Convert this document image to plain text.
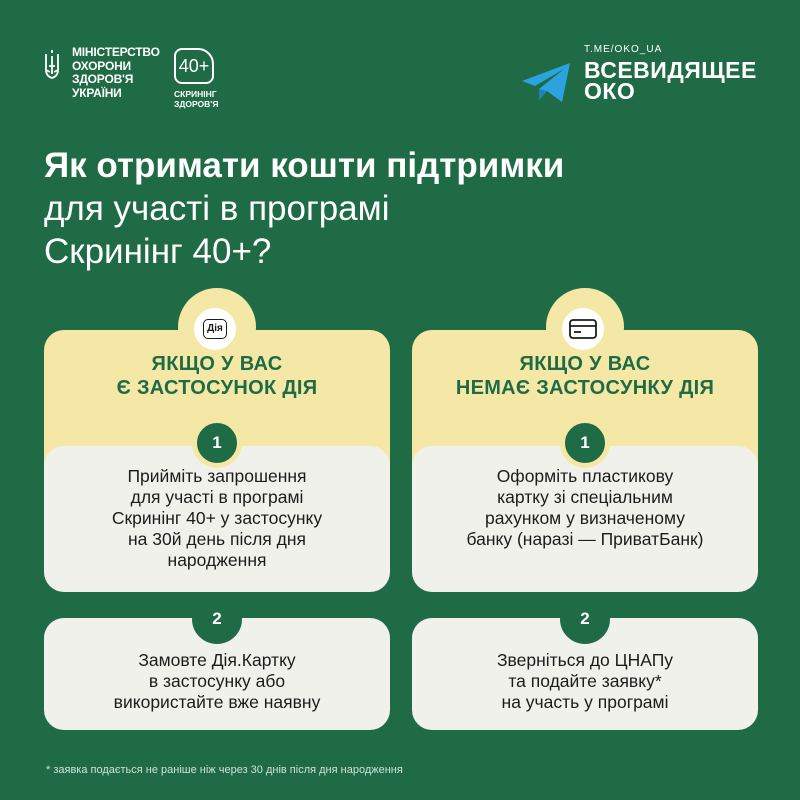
МІНІСТЕРСТВО
ОХОРОНИ
ЗДОРОВ'Я
УКРАЇНИ
40+
СКРИНІНГ
ЗДОРОВ'Я
T.ME/OKO_UA
ВСЕВИДЯЩЕЕ
ОКО
Як отримати кошти підтримки
для участі в програмі
Скринінг 40+?
Дія
ЯКЩО У ВАС
Є ЗАСТОСУНОК ДІЯ
1
Прийміть запрошення
для участі в програмі
Скринінг 40+ у застосунку
на 30й день після дня
народження
2
Замовте Дія.Картку
в застосунку або
використайте вже наявну
ЯКЩО У ВАС
НЕМАЄ ЗАСТОСУНКУ ДІЯ
1
Оформіть пластикову
картку зі спеціальним
рахунком у визначеному
банку (наразі — ПриватБанк)
2
Зверніться до ЦНАПу
та подайте заявку*
на участь у програмі
* заявка подається не раніше ніж через 30 днів після дня народження
